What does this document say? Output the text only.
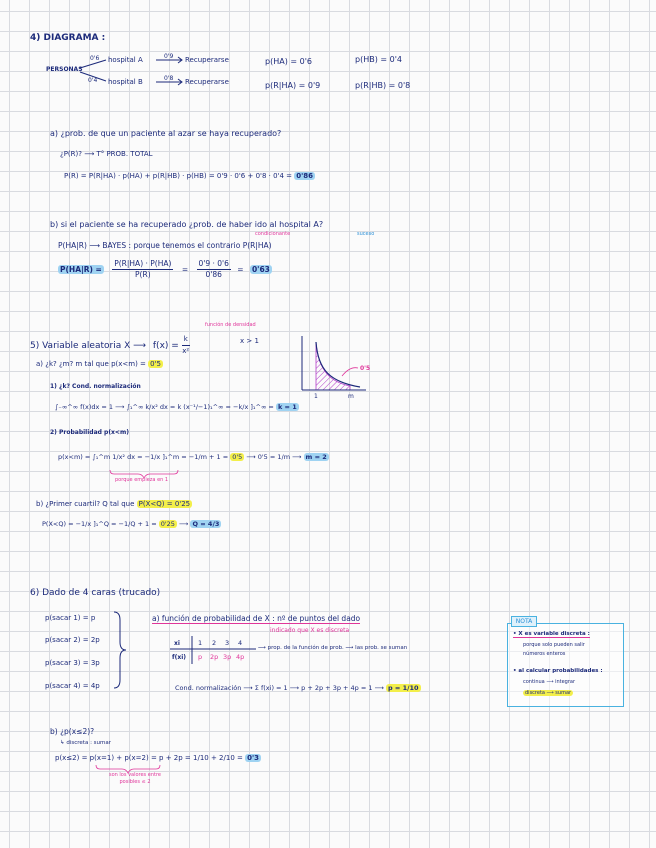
4) DIAGRAMA :
PERSONAS
0'6
0'4
hospital A
hospital B
0'9
0'8
Recuperarse
Recuperarse
p(HA) = 0'6	p(HB) = 0'4
p(R|HA) = 0'9	p(R|HB) = 0'8
a) ¿prob. de que un paciente al azar se haya recuperado?
¿P(R)? ⟶ T° PROB. TOTAL
P(R) = P(R|HA) · p(HA) + p(R|HB) · p(HB) = 0'9 · 0'6 + 0'8 · 0'4 = 0'86
b) si el paciente se ha recuperado ¿prob. de haber ido al hospital A?
condicionante	suceso
P(HA|R) ⟶ BAYES : porque tenemos el contrario P(R|HA)
$P(HA|R) = \frac{P(R|HA) \cdot P(HA)}{P(R)} = \frac{0'9 \cdot 0'6}{0'86} = 0'63$
5) Variable aleatoria X ⟶ $f(x) = \frac{k}{\text{x²}}$
función de densidad
x > 1
a) ¿k? ¿m? m tal que p(x<m) = 0'5
1) ¿k? Cond. normalización
∫₋∞^∞ f(x)dx = 1 ⟶ ∫₁^∞ k/x² dx = k (x⁻¹/−1)₁^∞ = −k/x ]₁^∞ = k = 1
2) Probabilidad p(x<m)
p(x<m) = ∫₁^m 1/x² dx = −1/x ]₁^m = −1/m + 1 = 0'5 ⟶ 0'5 = 1/m ⟶ m = 2
porque empieza en 1
0'5
1	m
b) ¿Primer cuartil? Q tal que P(X<Q) = 0'25
P(X<Q) = −1/x ]₁^Q = −1/Q + 1 = 0'25 ⟶ Q = 4/3
6) Dado de 4 caras (trucado)
p(sacar 1) = p
p(sacar 2) = 2p
p(sacar 3) = 3p
p(sacar 4) = 4p
a) función de probabilidad de X : nº de puntos del dado
indicado que X es discreta
xi
f(xi)
1 2 3 4
p 2p 3p 4p
⟶ prop. de la función de prob. ⟶ las prob. se suman
Cond. normalización ⟶ Σ f(xi) = 1 ⟶ p + 2p + 3p + 4p = 1 ⟶ p = 1/10
NOTA
• X es variable discreta :
porque solo pueden salir
números enteros
• al calcular probabilidades :
continua ⟶ integrar
discreta ⟶ sumar
b) ¿p(x≤2)?
↳ discreta : sumar
p(x≤2) = p(x=1) + p(x=2) = p + 2p = 1/10 + 2/10 = 0'3
son los valores entre posibles ≤ 2
